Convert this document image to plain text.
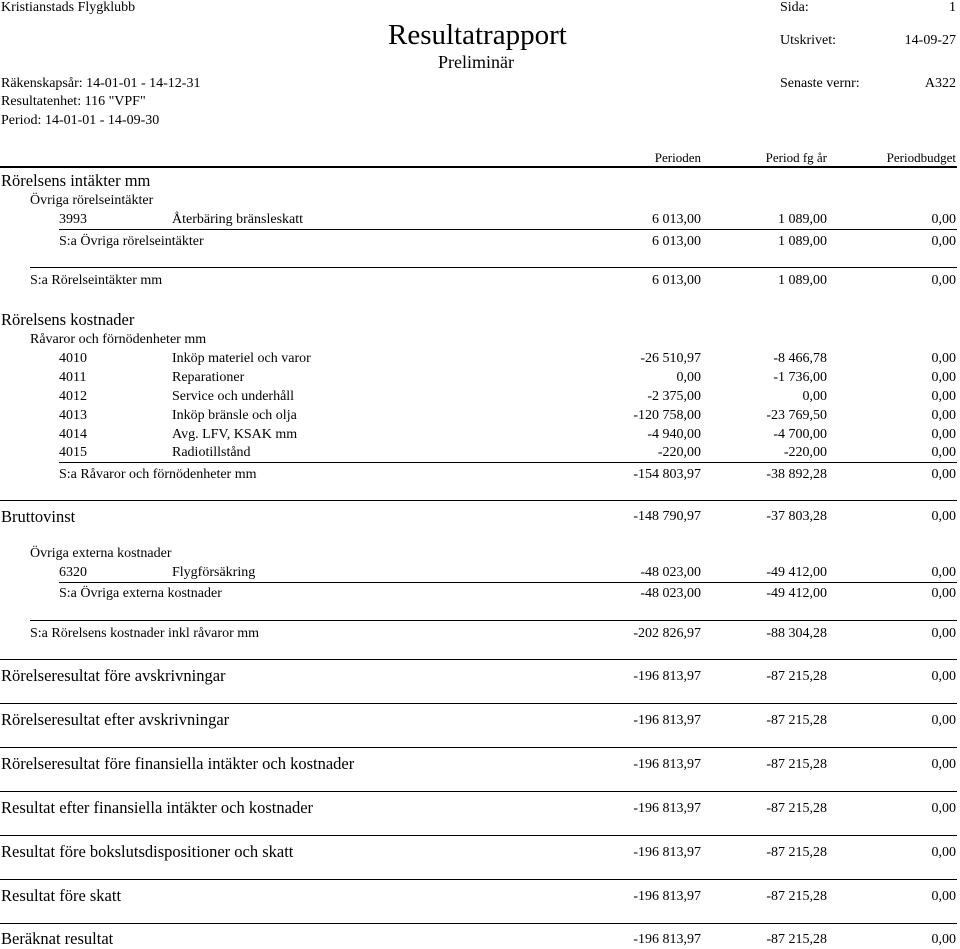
Kristianstads Flygklubb
Resultatrapport
Preliminär
Sida:	1
Utskrivet:	14-09-27
Räkenskapsår: 14-01-01 - 14-12-31	Senaste vernr:	A322
Resultatenhet: 116 "VPF"
Period: 14-01-01 - 14-09-30
Perioden	Period fg år	Periodbudget
Rörelsens intäkter mm
Övriga rörelseintäkter
3993	Återbäring bränsleskatt	6 013,00	1 089,00	0,00
S:a Övriga rörelseintäkter	6 013,00	1 089,00	0,00
S:a Rörelseintäkter mm	6 013,00	1 089,00	0,00
Rörelsens kostnader
Råvaror och förnödenheter mm
4010	Inköp materiel och varor	-26 510,97	-8 466,78	0,00
4011	Reparationer	0,00	-1 736,00	0,00
4012	Service och underhåll	-2 375,00	0,00	0,00
4013	Inköp bränsle och olja	-120 758,00	-23 769,50	0,00
4014	Avg. LFV, KSAK mm	-4 940,00	-4 700,00	0,00
4015	Radiotillstånd	-220,00	-220,00	0,00
S:a Råvaror och förnödenheter mm	-154 803,97	-38 892,28	0,00
Bruttovinst	-148 790,97	-37 803,28	0,00
Övriga externa kostnader
6320	Flygförsäkring	-48 023,00	-49 412,00	0,00
S:a Övriga externa kostnader	-48 023,00	-49 412,00	0,00
S:a Rörelsens kostnader inkl råvaror mm	-202 826,97	-88 304,28	0,00
Rörelseresultat före avskrivningar	-196 813,97	-87 215,28	0,00
Rörelseresultat efter avskrivningar	-196 813,97	-87 215,28	0,00
Rörelseresultat före finansiella intäkter och kostnader	-196 813,97	-87 215,28	0,00
Resultat efter finansiella intäkter och kostnader	-196 813,97	-87 215,28	0,00
Resultat före bokslutsdispositioner och skatt	-196 813,97	-87 215,28	0,00
Resultat före skatt	-196 813,97	-87 215,28	0,00
Beräknat resultat	-196 813,97	-87 215,28	0,00
